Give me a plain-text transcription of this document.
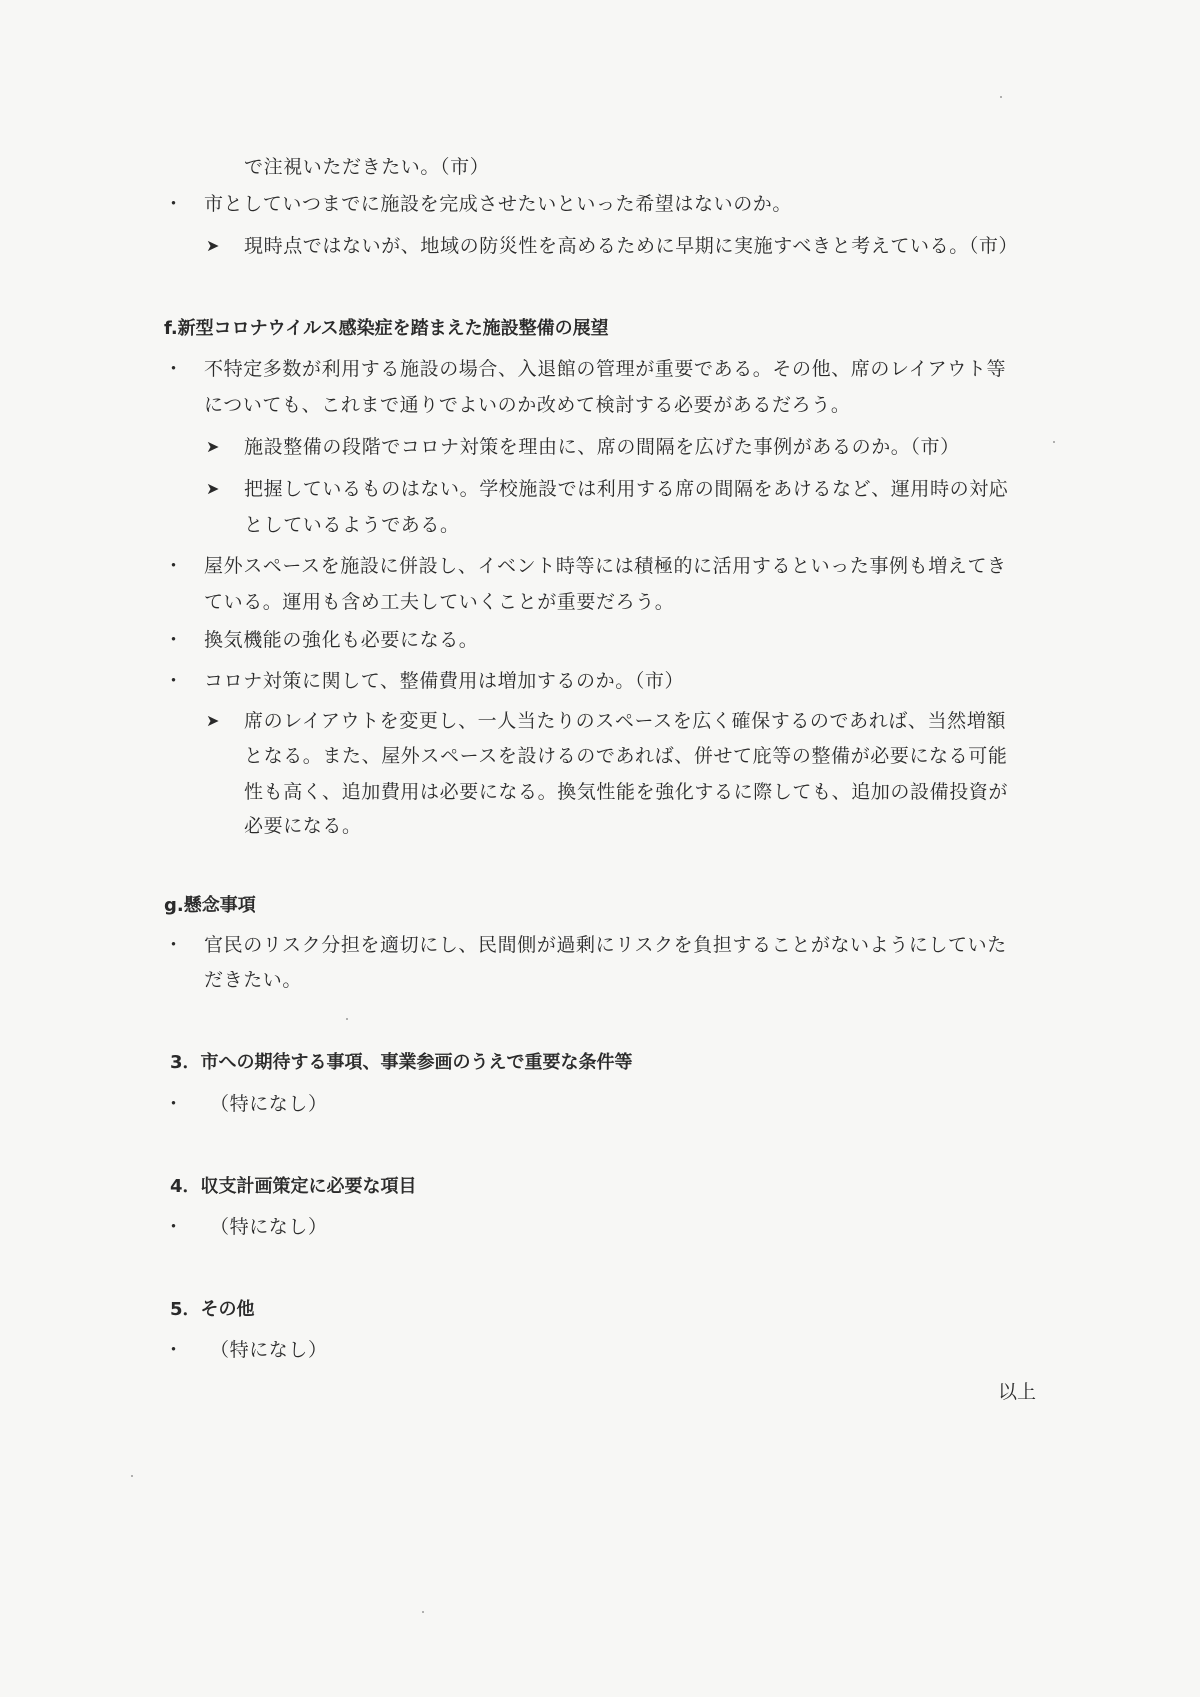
で注視いただきたい。（市）
・ 市としていつまでに施設を完成させたいといった希望はないのか。
➤ 現時点ではないが、地域の防災性を高めるために早期に実施すべきと考えている。（市）
f.新型コロナウイルス感染症を踏まえた施設整備の展望
・ 不特定多数が利用する施設の場合、入退館の管理が重要である。その他、席のレイアウト等
についても、これまで通りでよいのか改めて検討する必要があるだろう。
➤ 施設整備の段階でコロナ対策を理由に、席の間隔を広げた事例があるのか。（市）
➤ 把握しているものはない。学校施設では利用する席の間隔をあけるなど、運用時の対応
としているようである。
・ 屋外スペースを施設に併設し、イベント時等には積極的に活用するといった事例も増えてき
ている。運用も含め工夫していくことが重要だろう。
・ 換気機能の強化も必要になる。
・ コロナ対策に関して、整備費用は増加するのか。（市）
➤ 席のレイアウトを変更し、一人当たりのスペースを広く確保するのであれば、当然増額
となる。また、屋外スペースを設けるのであれば、併せて庇等の整備が必要になる可能
性も高く、追加費用は必要になる。換気性能を強化するに際しても、追加の設備投資が
必要になる。
g.懸念事項
・ 官民のリスク分担を適切にし、民間側が過剰にリスクを負担することがないようにしていた
だきたい。
3．市への期待する事項、事業参画のうえで重要な条件等
・ （特になし）
4．収支計画策定に必要な項目
・ （特になし）
5．その他
・ （特になし）
以上
